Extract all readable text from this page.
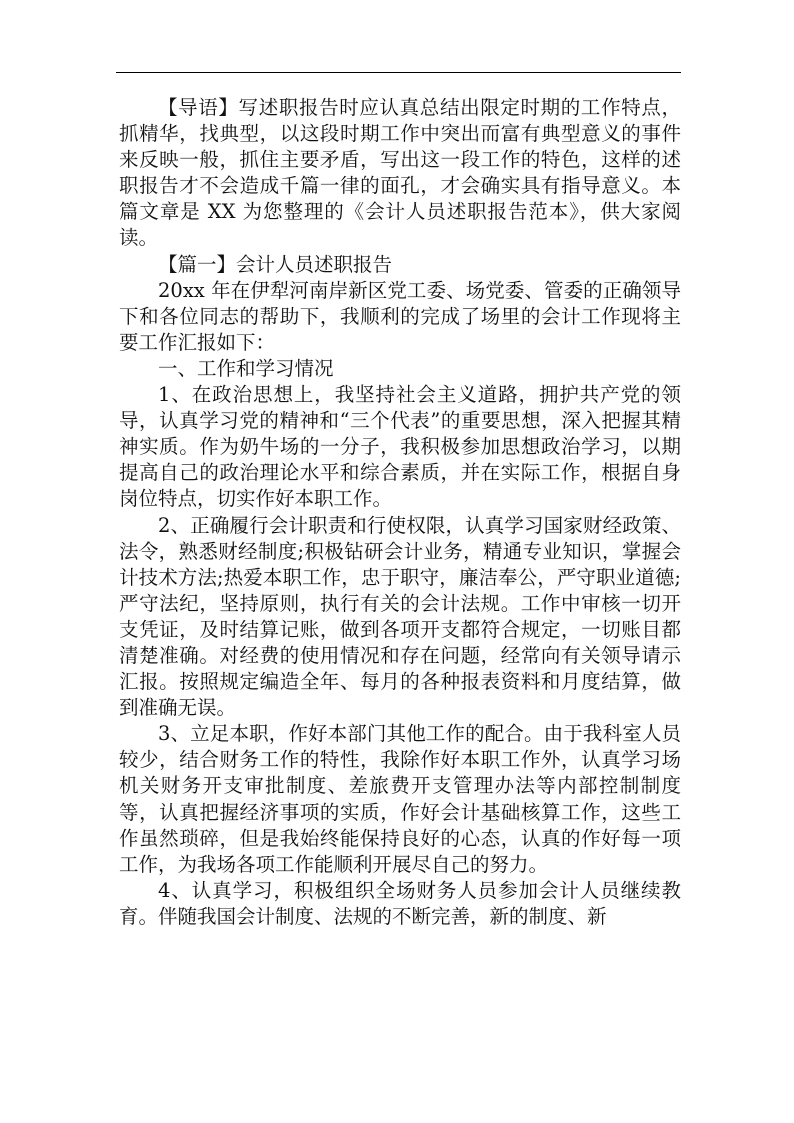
【导语】写述职报告时应认真总结出限定时期的工作特点，抓精华，找典型，以这段时期工作中突出而富有典型意义的事件来反映一般，抓住主要矛盾，写出这一段工作的特色，这样的述职报告才不会造成千篇一律的面孔，才会确实具有指导意义。本篇文章是 XX 为您整理的《会计人员述职报告范本》，供大家阅读。

【篇一】会计人员述职报告

20xx 年在伊犁河南岸新区党工委、场党委、管委的正确领导下和各位同志的帮助下，我顺利的完成了场里的会计工作现将主要工作汇报如下：

一、工作和学习情况

1、在政治思想上，我坚持社会主义道路，拥护共产党的领导，认真学习党的精神和“三个代表”的重要思想，深入把握其精神实质。作为奶牛场的一分子，我积极参加思想政治学习，以期提高自己的政治理论水平和综合素质，并在实际工作，根据自身岗位特点，切实作好本职工作。

2、正确履行会计职责和行使权限，认真学习国家财经政策、法令，熟悉财经制度;积极钻研会计业务，精通专业知识，掌握会计技术方法;热爱本职工作，忠于职守，廉洁奉公，严守职业道德;严守法纪，坚持原则，执行有关的会计法规。工作中审核一切开支凭证，及时结算记账，做到各项开支都符合规定，一切账目都清楚准确。对经费的使用情况和存在问题，经常向有关领导请示汇报。按照规定编造全年、每月的各种报表资料和月度结算，做到准确无误。

3、立足本职，作好本部门其他工作的配合。由于我科室人员较少，结合财务工作的特性，我除作好本职工作外，认真学习场机关财务开支审批制度、差旅费开支管理办法等内部控制制度等，认真把握经济事项的实质，作好会计基础核算工作，这些工作虽然琐碎，但是我始终能保持良好的心态，认真的作好每一项工作，为我场各项工作能顺利开展尽自己的努力。

4、认真学习，积极组织全场财务人员参加会计人员继续教育。伴随我国会计制度、法规的不断完善，新的制度、新
